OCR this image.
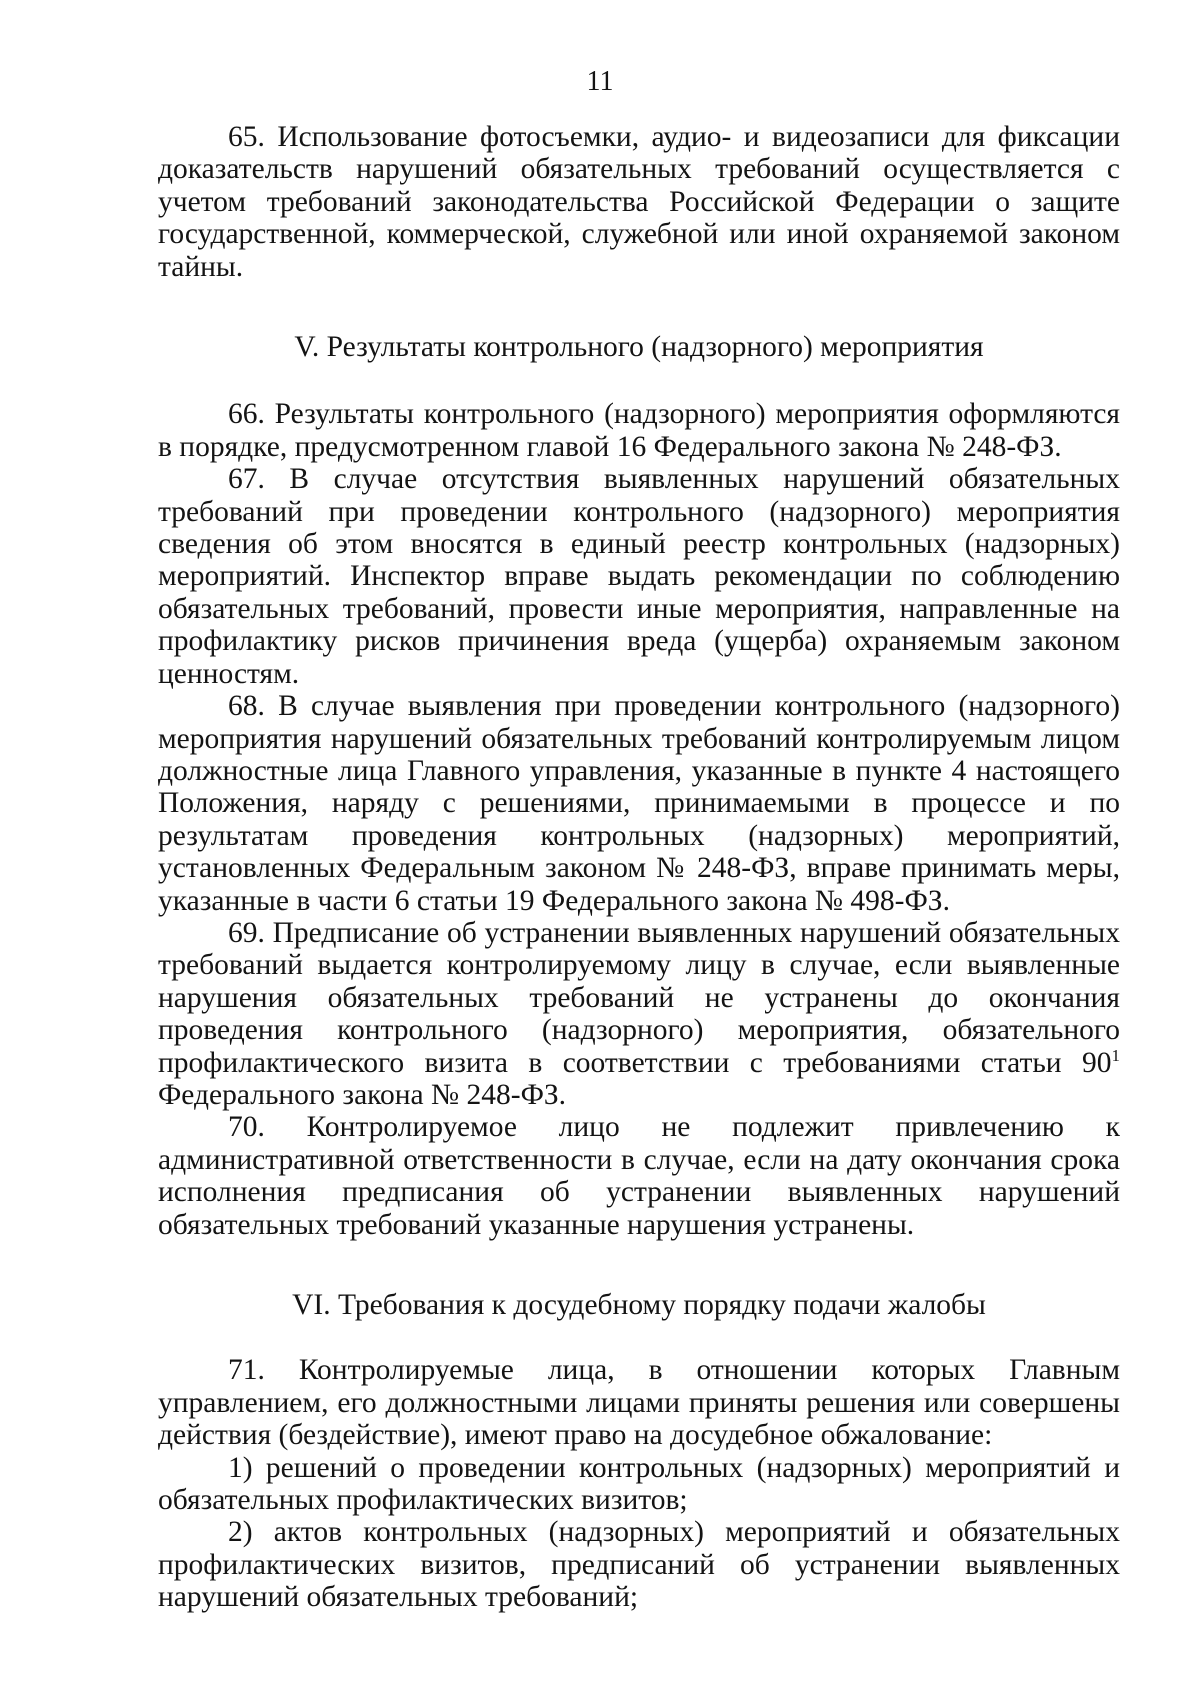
11

65. Использование фотосъемки, аудио- и видеозаписи для фиксации доказательств нарушений обязательных требований осуществляется с учетом требований законодательства Российской Федерации о защите государственной, коммерческой, служебной или иной охраняемой законом тайны.

V. Результаты контрольного (надзорного) мероприятия

66. Результаты контрольного (надзорного) мероприятия оформляются в порядке, предусмотренном главой 16 Федерального закона № 248-ФЗ.

67. В случае отсутствия выявленных нарушений обязательных требований при проведении контрольного (надзорного) мероприятия сведения об этом вносятся в единый реестр контрольных (надзорных) мероприятий. Инспектор вправе выдать рекомендации по соблюдению обязательных требований, провести иные мероприятия, направленные на профилактику рисков причинения вреда (ущерба) охраняемым законом ценностям.

68. В случае выявления при проведении контрольного (надзорного) мероприятия нарушений обязательных требований контролируемым лицом должностные лица Главного управления, указанные в пункте 4 настоящего Положения, наряду с решениями, принимаемыми в процессе и по результатам проведения контрольных (надзорных) мероприятий, установленных Федеральным законом № 248-ФЗ, вправе принимать меры, указанные в части 6 статьи 19 Федерального закона № 498-ФЗ.

69. Предписание об устранении выявленных нарушений обязательных требований выдается контролируемому лицу в случае, если выявленные нарушения обязательных требований не устранены до окончания проведения контрольного (надзорного) мероприятия, обязательного профилактического визита в соответствии с требованиями статьи $90^1$ Федерального закона № 248-ФЗ.

70. Контролируемое лицо не подлежит привлечению к административной ответственности в случае, если на дату окончания срока исполнения предписания об устранении выявленных нарушений обязательных требований указанные нарушения устранены.

VI. Требования к досудебному порядку подачи жалобы

71. Контролируемые лица, в отношении которых Главным управлением, его должностными лицами приняты решения или совершены действия (бездействие), имеют право на досудебное обжалование:

1) решений о проведении контрольных (надзорных) мероприятий и обязательных профилактических визитов;

2) актов контрольных (надзорных) мероприятий и обязательных профилактических визитов, предписаний об устранении выявленных нарушений обязательных требований;
